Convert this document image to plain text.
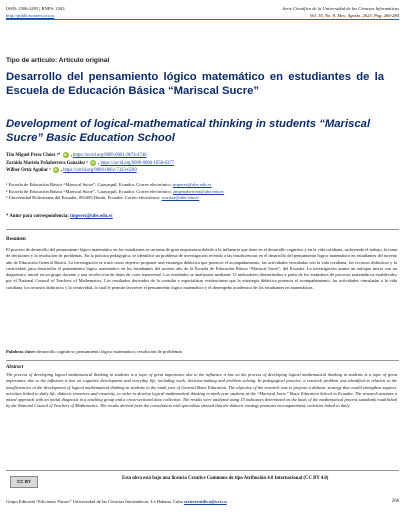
ISSN: 2306-2495 | RNPS: 2343	Serie Científica de la Universidad de las Ciencias Informáticas
http://publicaciones.uci.cu	Vol. 16, No. 8, Mes: Agosto, 2023, Pag. 266-284
Tipo de artículo: Artículo original
Desarrollo del pensamiento lógico matemático en estudiantes de la Escuela de Educación Básica “Mariscal Sucre”
Development of logical-mathematical thinking in students “Mariscal Sucre” Basic Education School
Tito Miguel Pérez Chóez ¹* iD , https://orcid.org/0009-0001-9674-4746
Zoraida Mariela Peñaherrera González ² iD , https://orcid.org/0009-0006-1058-6377
Wilber Ortiz Aguilar ³ iD , https://orcid.org/0000-0002-7323-6589
¹ Escuela de Educación Básica “Mariscal Sucre”, Guayaquil, Ecuador. Correo electrónico: tmperez@ube.edu.ec
² Escuela de Educación Básica “Mariscal Sucre”, Guayaquil, Ecuador. Correo electrónico: zmpenaherrera@ube.edu.ec
³ Universidad Bolivariana del Ecuador, 092405 Durán, Ecuador. Correo electrónico: wortiza@ube.edu.ec
* Autor para correspondencia: tmperez@ube.edu.ec
Resumen
El proceso de desarrollo del pensamiento lógico matemático en los estudiantes es un tema de gran importancia debido a la influencia que tiene en el desarrollo cognitivo y en la vida cotidiana, incluyendo el trabajo, la toma de decisiones y la resolución de problemas. En la práctica pedagógica, se identificó un problema de investigación referido a las insuficiencias en el desarrollo del pensamiento lógico matemático en estudiantes del noveno año de Educación General Básica. La investigación se trazó como objetivo proponer una estrategia didáctica que potencie el acompañamiento, las actividades vinculadas con la vida cotidiana, los recursos didácticos y la creatividad, para desarrollar el pensamiento lógico matemático en los estudiantes del noveno año de la Escuela de Educación Básica “Mariscal Sucre”, del Ecuador. La investigación asume un enfoque mixto con un diagnóstico inicial en un grupo docente y una recolección de datos de corte transversal. Los resultados se analizaron mediante 15 indicadores determinados a partir de los estándares de procesos matemáticos establecidos por el National Council of Teachers of Mathematics. Los resultados derivados de la consulta a especialistas evidenciaron que la estrategia didáctica potencia el acompañamiento, las actividades vinculadas a la vida cotidiana, los recursos didácticos y la creatividad, lo cual le permite favorecer el pensamiento lógico matemático y el desempeño académico de los estudiantes en matemáticas.
Palabras clave: desarrollo cognitivo; pensamiento lógico matemático; resolución de problemas
Abstract
The process of developing logical mathematical thinking in students is a topic of great importance due to the influence it has on the process of developing logical mathematical thinking in students is a topic of great importance due to the influence it has on cognitive development and everyday life, including work, decision-making and problem solving. In pedagogical practice, a research problem was identified in relation to the insufficiencies in the development of logical mathematical thinking in students in the ninth year of General Basic Education. The objective of the research was to propose a didactic strategy that would strengthen support, activities linked to daily life, didactic resources and creativity, in order to develop logical mathematical thinking in ninth year students at the “Mariscal Sucre” Basic Education School in Ecuador. The research assumes a mixed approach with an initial diagnosis in a teaching group and a cross-sectional data collection. The results were analyzed using 15 indicators determined on the basis of the mathematical process standards established by the National Council of Teachers of Mathematics. The results derived from the consultation with specialists showed that the didactic strategy promotes accompaniment, activities linked to daily
CC BY
Esta obra está bajo una licencia Creative Commons de tipo Atribución 4.0 Internacional (CC BY 4.0)
Grupo Editorial “Ediciones Futuro” Universidad de las Ciencias Informáticas. La Habana, Cuba seriecientifica@uci.cu	266
